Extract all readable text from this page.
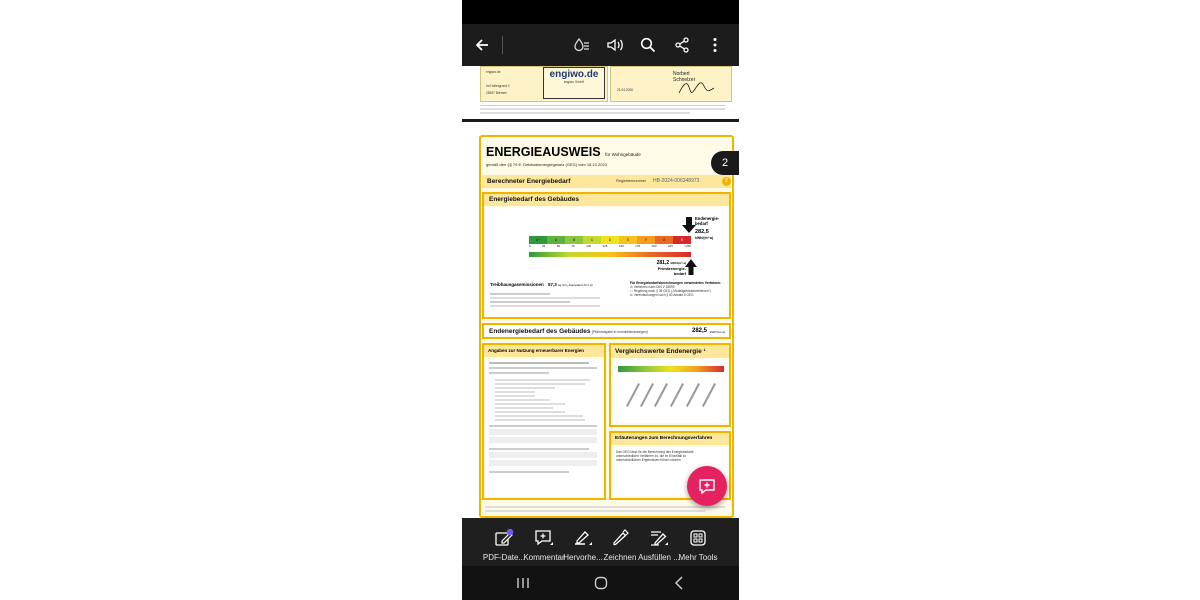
engiwo.de
Im Hollergrund 3
28357 Bremen
engiwo.de
engiwo GmbH
21.04.2026
Norbert Schnelzer
ENERGIEAUSWEIS für Wohngebäude
gemäß den §§ 79 ff. Gebäudeenergiegesetz (GEG) vom 16.10.2023
Berechneter Energiebedarf	Registriernummer HB-2024-006348973	2
Energiebedarf des Gebäudes
Endenergie-bedarf
282,5 kWh/(m²·a)
A+	A	B	C	D	E	F	G	H
0	25	50	75	100	125	150	175	200	225	>250
281,2 kWh/(m²·a)
Primärenergie-bedarf
Treibhausgasemissionen 57,3 kg CO₂-Äquivalent /(m²·a)	Für Energiebedarfsberechnungen verwendetes Verfahren:
☒ Verfahren nach DIN V 18599
☐ Regelung nach § 35 GEG („Modellgebäudeverfahren“)
☒ Vereinfachungen nach § 50 Absatz 4 GEG
Endenergiebedarf des Gebäudes [Pflichtangabe in Immobilienanzeigen]	282,5 kWh/(m²·a)
Angaben zur Nutzung erneuerbarer Energien	Vergleichswerte Endenergie ¹
Erläuterungen zum Berechnungsverfahren
Das GEG lässt für die Berechnung des Energiebedarfs unterschiedliche Verfahren zu, die im Einzelfall zu unterschiedlichen Ergebnissen führen können.
2
PDF-Date...
Kommentar
Hervorhe... Zeichnen Ausfüllen ...
Mehr Tools
